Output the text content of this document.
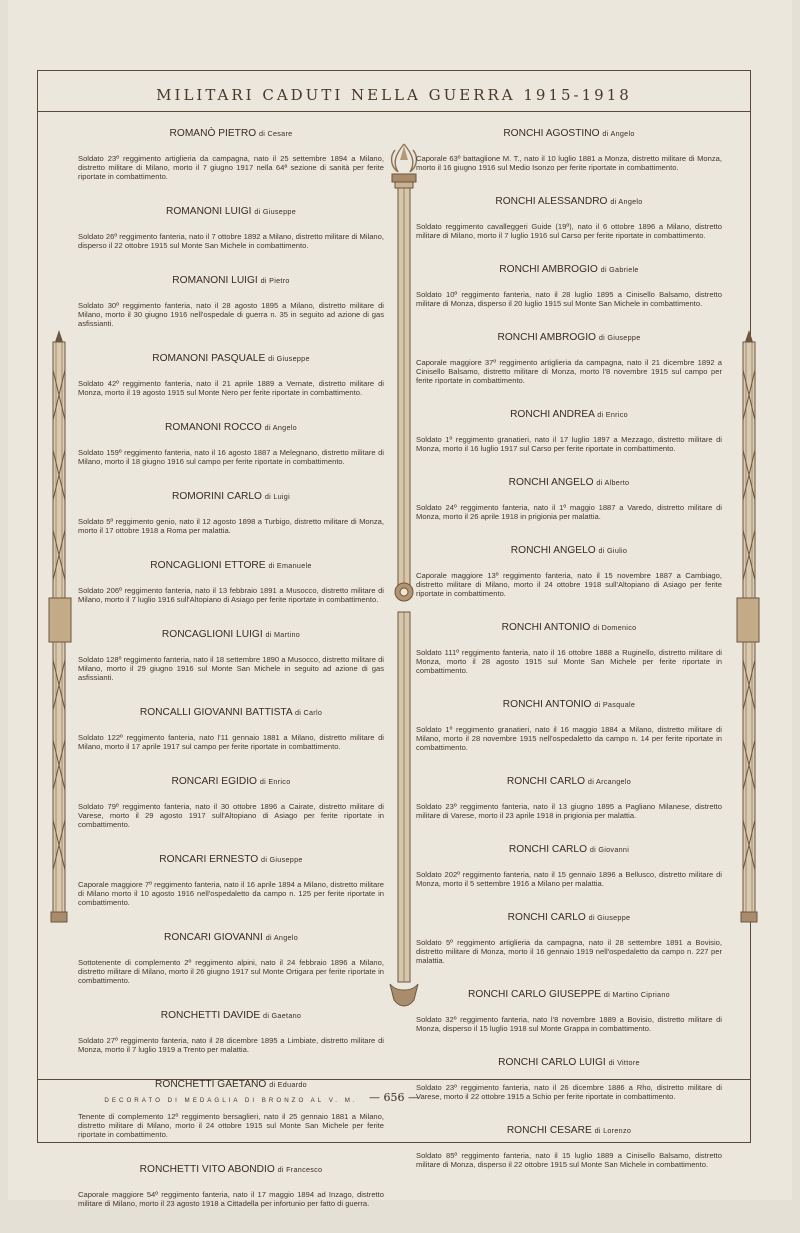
MILITARI CADUTI NELLA GUERRA 1915-1918
— 656 —
ROMANÒ PIETRO di Cesare
Soldato 23º reggimento artiglieria da campagna, nato il 25 settembre 1894 a Milano, distretto militare di Milano, morto il 7 giugno 1917 nella 64ª sezione di sanità per ferite riportate in combattimento.
ROMANONI LUIGI di Giuseppe
Soldato 26º reggimento fanteria, nato il 7 ottobre 1892 a Milano, distretto militare di Milano, disperso il 22 ottobre 1915 sul Monte San Michele in combattimento.
ROMANONI LUIGI di Pietro
Soldato 30º reggimento fanteria, nato il 28 agosto 1895 a Milano, distretto militare di Milano, morto il 30 giugno 1916 nell'ospedale di guerra n. 35 in seguito ad azione di gas asfissianti.
ROMANONI PASQUALE di Giuseppe
Soldato 42º reggimento fanteria, nato il 21 aprile 1889 a Vernate, distretto militare di Monza, morto il 19 agosto 1915 sul Monte Nero per ferite riportate in combattimento.
ROMANONI ROCCO di Angelo
Soldato 159º reggimento fanteria, nato il 16 agosto 1887 a Melegnano, distretto militare di Milano, morto il 18 giugno 1916 sul campo per ferite riportate in combattimento.
ROMORINI CARLO di Luigi
Soldato 5º reggimento genio, nato il 12 agosto 1898 a Turbigo, distretto militare di Monza, morto il 17 ottobre 1918 a Roma per malattia.
RONCAGLIONI ETTORE di Emanuele
Soldato 206º reggimento fanteria, nato il 13 febbraio 1891 a Musocco, distretto militare di Milano, morto il 7 luglio 1916 sull'Altopiano di Asiago per ferite riportate in combattimento.
RONCAGLIONI LUIGI di Martino
Soldato 128º reggimento fanteria, nato il 18 settembre 1890 a Musocco, distretto militare di Milano, morto il 29 giugno 1916 sul Monte San Michele in seguito ad azione di gas asfissianti.
RONCALLI GIOVANNI BATTISTA di Carlo
Soldato 122º reggimento fanteria, nato l'11 gennaio 1881 a Milano, distretto militare di Milano, morto il 17 aprile 1917 sul campo per ferite riportate in combattimento.
RONCARI EGIDIO di Enrico
Soldato 79º reggimento fanteria, nato il 30 ottobre 1896 a Cairate, distretto militare di Varese, morto il 29 agosto 1917 sull'Altopiano di Asiago per ferite riportate in combattimento.
RONCARI ERNESTO di Giuseppe
Caporale maggiore 7º reggimento fanteria, nato il 16 aprile 1894 a Milano, distretto militare di Milano morto il 10 agosto 1916 nell'ospedaletto da campo n. 125 per ferite riportate in combattimento.
RONCARI GIOVANNI di Angelo
Sottotenente di complemento 2º reggimento alpini, nato il 24 febbraio 1896 a Milano, distretto militare di Milano, morto il 26 giugno 1917 sul Monte Ortigara per ferite riportate in combattimento.
RONCHETTI DAVIDE di Gaetano
Soldato 27º reggimento fanteria, nato il 28 dicembre 1895 a Limbiate, distretto militare di Monza, morto il 7 luglio 1919 a Trento per malattia.
RONCHETTI GAETANO di Eduardo
DECORATO DI MEDAGLIA DI BRONZO AL V. M.
Tenente di complemento 12º reggimento bersaglieri, nato il 25 gennaio 1881 a Milano, distretto militare di Milano, morto il 24 ottobre 1915 sul Monte San Michele per ferite riportate in combattimento.
RONCHETTI VITO ABONDIO di Francesco
Caporale maggiore 54º reggimento fanteria, nato il 17 maggio 1894 ad Inzago, distretto militare di Milano, morto il 23 agosto 1918 a Cittadella per infortunio per fatto di guerra.
RONCHI AGOSTINO di Angelo
Caporale 63º battaglione M. T., nato il 10 luglio 1881 a Monza, distretto militare di Monza, morto il 16 giugno 1916 sul Medio Isonzo per ferite riportate in combattimento.
RONCHI ALESSANDRO di Angelo
Soldato reggimento cavalleggeri Guide (19º), nato il 6 ottobre 1896 a Milano, distretto militare di Milano, morto il 7 luglio 1916 sul Carso per ferite riportate in combattimento.
RONCHI AMBROGIO di Gabriele
Soldato 10º reggimento fanteria, nato il 28 luglio 1895 a Cinisello Balsamo, distretto militare di Monza, disperso il 20 luglio 1915 sul Monte San Michele in combattimento.
RONCHI AMBROGIO di Giuseppe
Caporale maggiore 37º reggimento artiglieria da campagna, nato il 21 dicembre 1892 a Cinisello Balsamo, distretto militare di Monza, morto l'8 novembre 1915 sul campo per ferite riportate in combattimento.
RONCHI ANDREA di Enrico
Soldato 1º reggimento granatieri, nato il 17 luglio 1897 a Mezzago, distretto militare di Monza, morto il 16 luglio 1917 sul Carso per ferite riportate in combattimento.
RONCHI ANGELO di Alberto
Soldato 24º reggimento fanteria, nato il 1º maggio 1887 a Varedo, distretto militare di Monza, morto il 26 aprile 1918 in prigionia per malattia.
RONCHI ANGELO di Giulio
Caporale maggiore 13º reggimento fanteria, nato il 15 novembre 1887 a Cambiago, distretto militare di Milano, morto il 24 ottobre 1918 sull'Altopiano di Asiago per ferite riportate in combattimento.
RONCHI ANTONIO di Domenico
Soldato 111º reggimento fanteria, nato il 16 ottobre 1888 a Ruginello, distretto militare di Monza, morto il 28 agosto 1915 sul Monte San Michele per ferite riportate in combattimento.
RONCHI ANTONIO di Pasquale
Soldato 1º reggimento granatieri, nato il 16 maggio 1884 a Milano, distretto militare di Milano, morto il 28 novembre 1915 nell'ospedaletto da campo n. 14 per ferite riportate in combattimento.
RONCHI CARLO di Arcangelo
Soldato 23º reggimento fanteria, nato il 13 giugno 1895 a Pagliano Milanese, distretto militare di Varese, morto il 23 aprile 1918 in prigionia per malattia.
RONCHI CARLO di Giovanni
Soldato 202º reggimento fanteria, nato il 15 gennaio 1896 a Bellusco, distretto militare di Monza, morto il 5 settembre 1916 a Milano per malattia.
RONCHI CARLO di Giuseppe
Soldato 5º reggimento artiglieria da campagna, nato il 28 settembre 1891 a Bovisio, distretto militare di Monza, morto il 16 gennaio 1919 nell'ospedaletto da campo n. 227 per malattia.
RONCHI CARLO GIUSEPPE di Martino Cipriano
Soldato 32º reggimento fanteria, nato l'8 novembre 1889 a Bovisio, distretto militare di Monza, disperso il 15 luglio 1918 sul Monte Grappa in combattimento.
RONCHI CARLO LUIGI di Vittore
Soldato 23º reggimento fanteria, nato il 26 dicembre 1886 a Rho, distretto militare di Varese, morto il 22 ottobre 1915 a Schio per ferite riportate in combattimento.
RONCHI CESARE di Lorenzo
Soldato 85º reggimento fanteria, nato il 15 luglio 1889 a Cinisello Balsamo, distretto militare di Monza, disperso il 22 ottobre 1915 sul Monte San Michele in combattimento.
